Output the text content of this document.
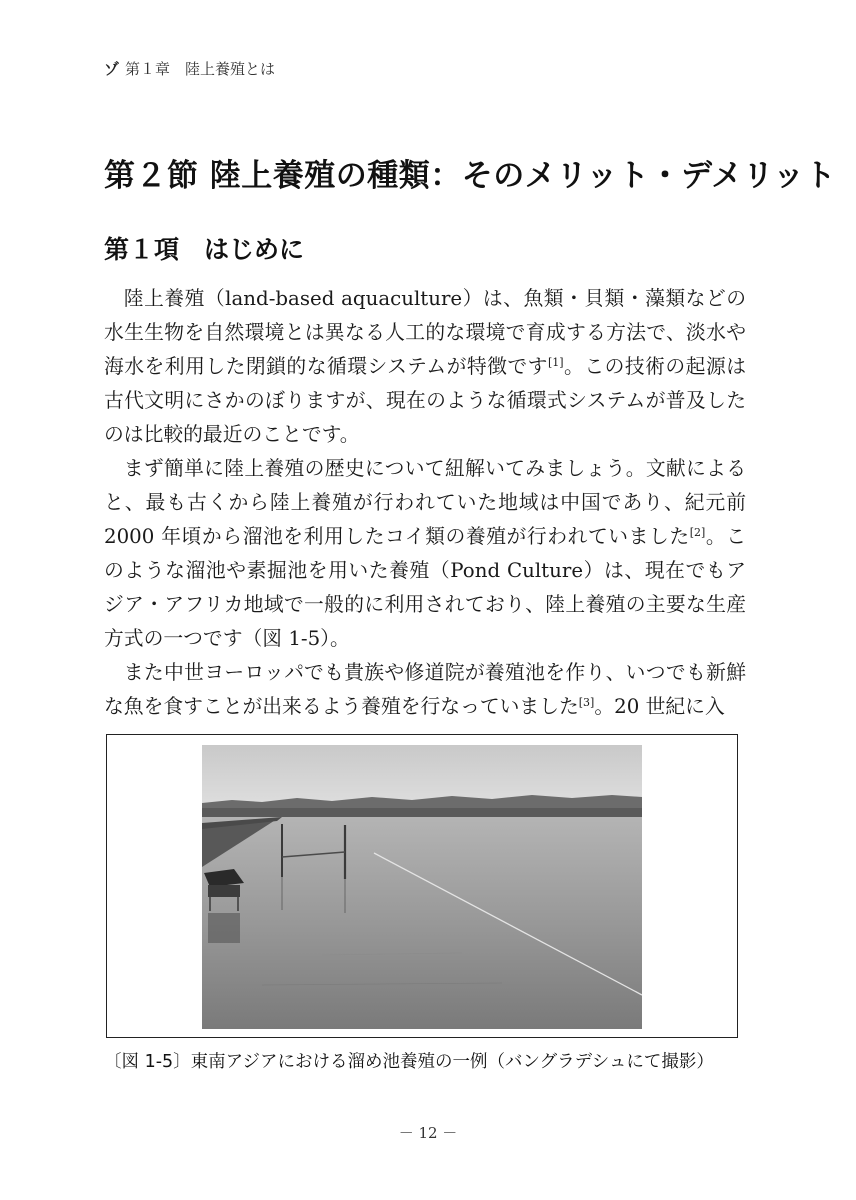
ゾ 第１章　陸上養殖とは
第２節 陸上養殖の種類：そのメリット・デメリット
第１項　はじめに

陸上養殖（land-based aquaculture）は、魚類・貝類・藻類などの水生生物を自然環境とは異なる人工的な環境で育成する方法で、淡水や海水を利用した閉鎖的な循環システムが特徴です[1]。この技術の起源は古代文明にさかのぼりますが、現在のような循環式システムが普及したのは比較的最近のことです。

まず簡単に陸上養殖の歴史について紐解いてみましょう。文献によると、最も古くから陸上養殖が行われていた地域は中国であり、紀元前 2000 年頃から溜池を利用したコイ類の養殖が行われていました[2]。このような溜池や素掘池を用いた養殖（Pond Culture）は、現在でもアジア・アフリカ地域で一般的に利用されており、陸上養殖の主要な生産方式の一つです（図 1-5）。

また中世ヨーロッパでも貴族や修道院が養殖池を作り、いつでも新鮮な魚を食すことが出来るよう養殖を行なっていました[3]。20 世紀に入

〔図 1-5〕東南アジアにおける溜め池養殖の一例（バングラデシュにて撮影）

－ 12 －
